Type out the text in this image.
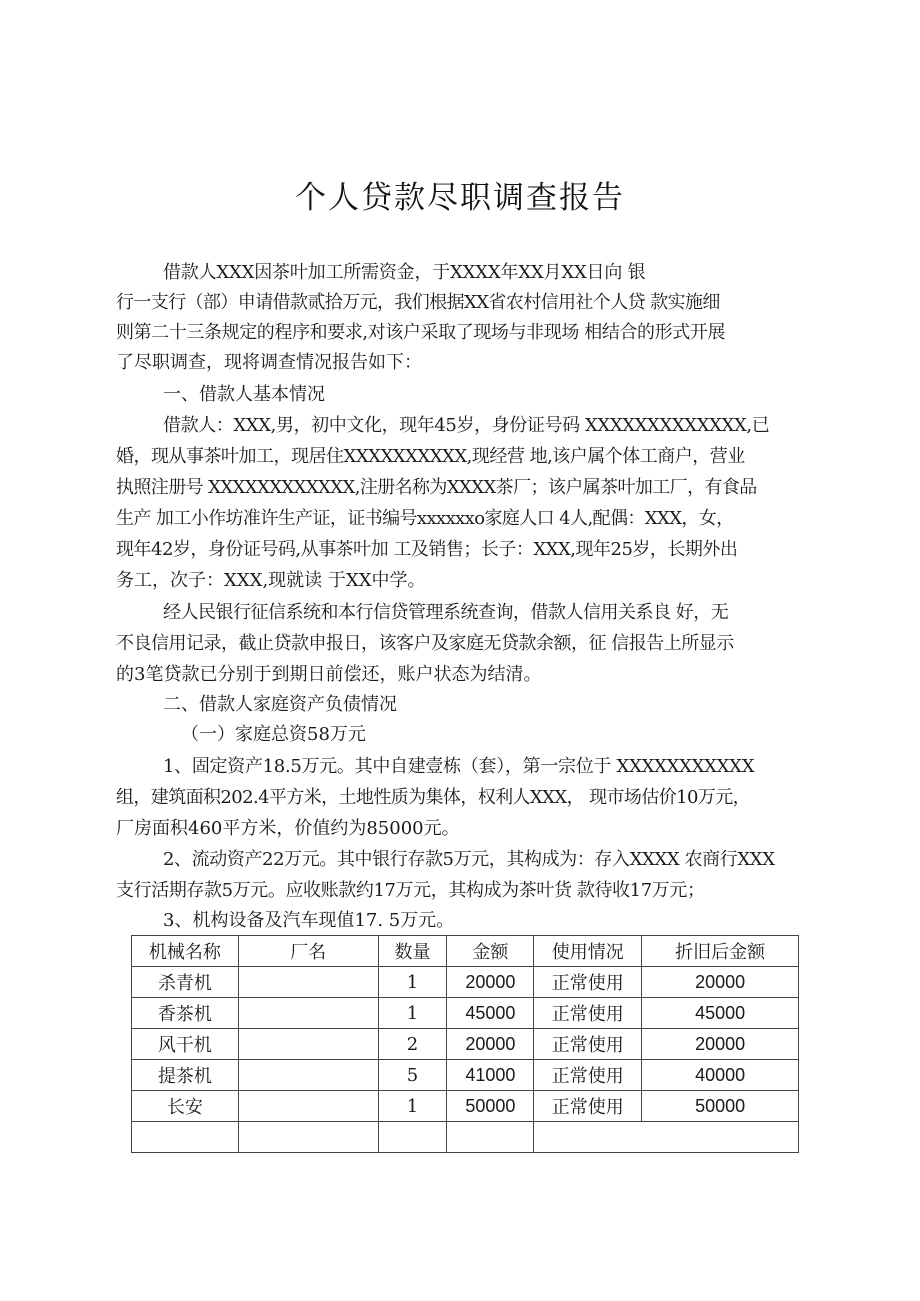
个人贷款尽职调查报告
借款人XXX因茶叶加工所需资金，于XXXX年XX月XX日向 银
行一支行（部）申请借款贰拾万元，我们根据XX省农村信用社个人贷 款实施细
则第二十三条规定的程序和要求,对该户采取了现场与非现场 相结合的形式开展
了尽职调查，现将调查情况报告如下：
一、借款人基本情况
借款人：XXX,男，初中文化，现年45岁，身份证号码 XXXXXXXXXXXXX,已
婚，现从事茶叶加工，现居住XXXXXXXXXX,现经营 地,该户属个体工商户，营业
执照注册号 XXXXXXXXXXXX,注册名称为XXXX茶厂；该户属茶叶加工厂，有食品
生产 加工小作坊准许生产证，证书编号xxxxxxo家庭人口 4人,配偶：XXX，女，
现年42岁，身份证号码,从事茶叶加 工及销售；长子：XXX,现年25岁，长期外出
务工，次子：XXX,现就读 于XX中学。
经人民银行征信系统和本行信贷管理系统查询，借款人信用关系良 好，无
不良信用记录，截止贷款申报日，该客户及家庭无贷款余额，征 信报告上所显示
的3笔贷款已分别于到期日前偿还，账户状态为结清。
二、借款人家庭资产负债情况
（一）家庭总资58万元
1、固定资产18.5万元。其中自建壹栋（套），第一宗位于 XXXXXXXXXXX
组，建筑面积202.4平方米，土地性质为集体，权利人XXX， 现市场估价10万元，
厂房面积460平方米，价值约为85000元。
2、流动资产22万元。其中银行存款5万元，其构成为：存入XXXX 农商行XXX
支行活期存款5万元。应收账款约17万元，其构成为茶叶货 款待收17万元；
3、机构设备及汽车现值17. 5万元。
机械名称	厂名	数量	金额	使用情况	折旧后金额
杀青机		1	20000	正常使用	20000
香茶机		1	45000	正常使用	45000
风干机		2	20000	正常使用	20000
提茶机		5	41000	正常使用	40000
长安		1	50000	正常使用	50000
